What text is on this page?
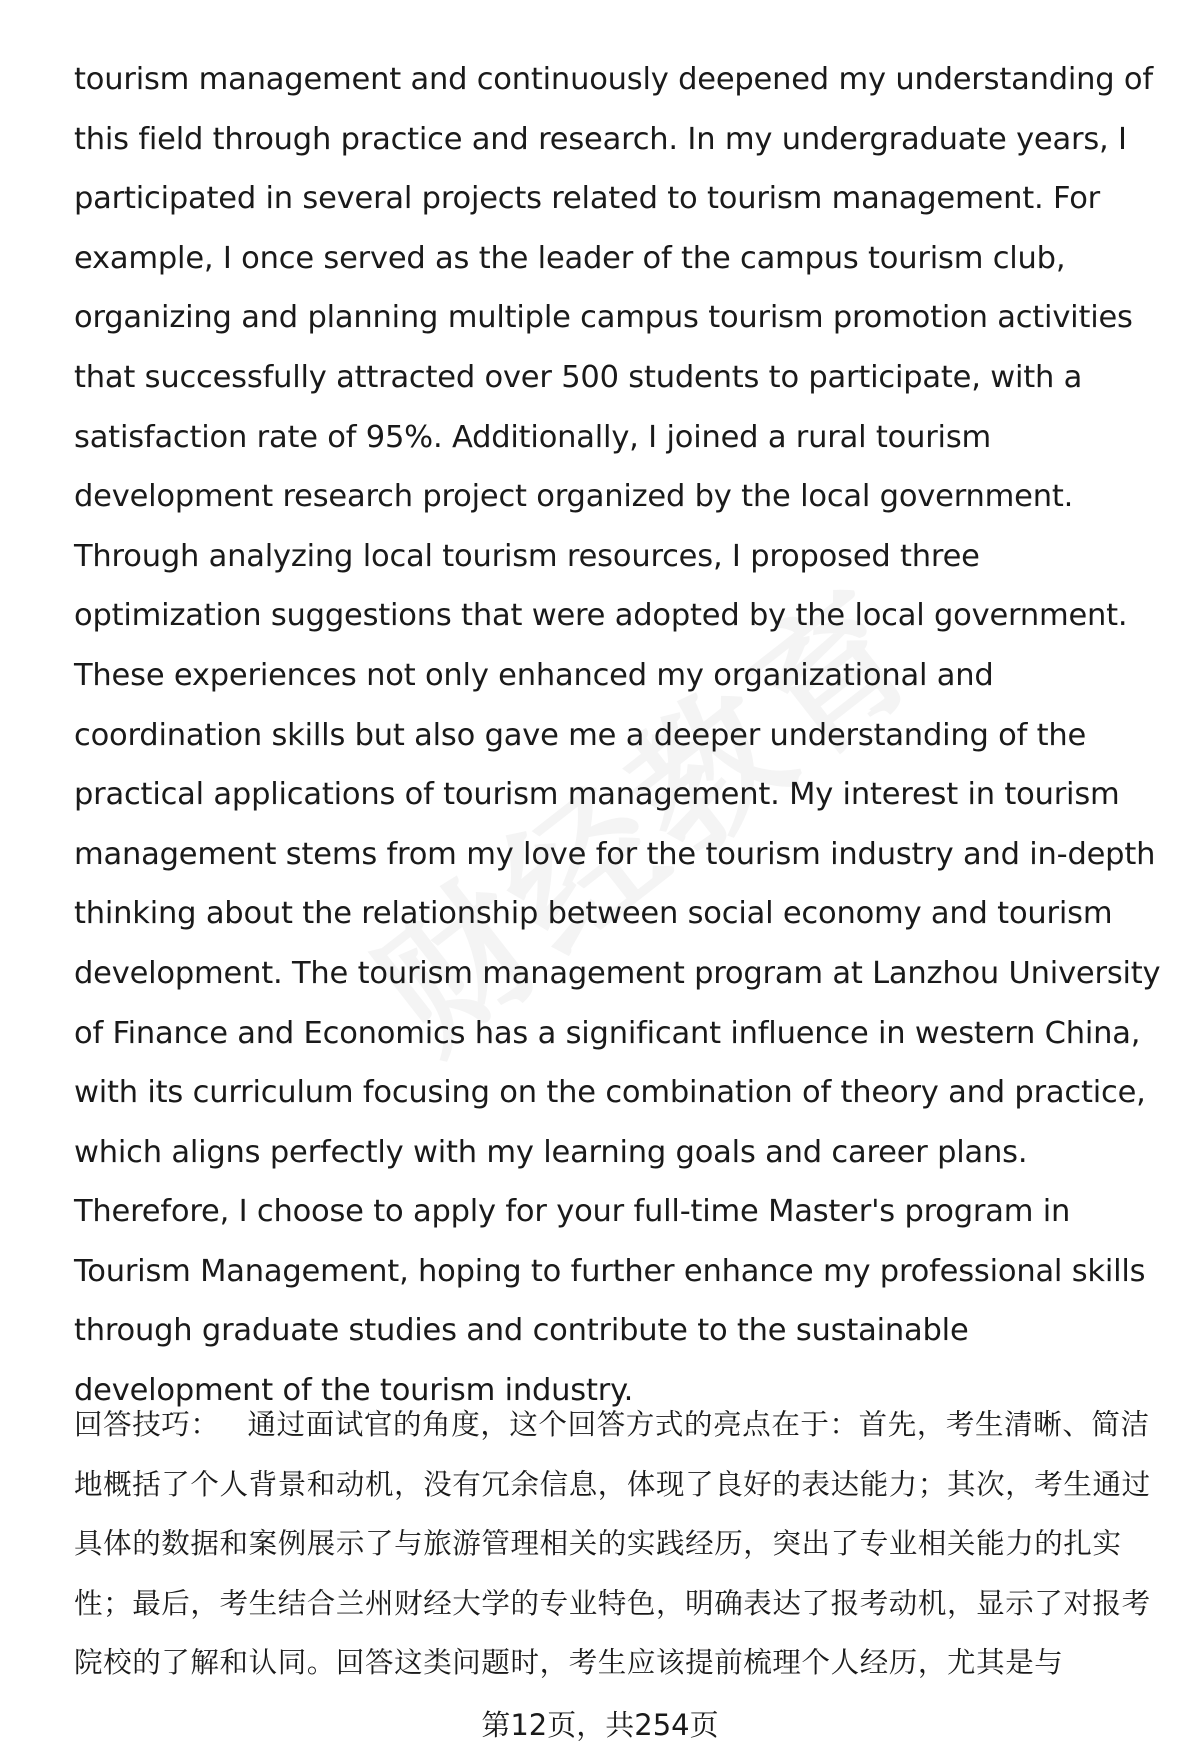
tourism management and continuously deepened my understanding of this field through practice and research. In my undergraduate years, I participated in several projects related to tourism management. For example, I once served as the leader of the campus tourism club, organizing and planning multiple campus tourism promotion activities that successfully attracted over 500 students to participate, with a satisfaction rate of 95%. Additionally, I joined a rural tourism development research project organized by the local government. Through analyzing local tourism resources, I proposed three optimization suggestions that were adopted by the local government. These experiences not only enhanced my organizational and coordination skills but also gave me a deeper understanding of the practical applications of tourism management. My interest in tourism management stems from my love for the tourism industry and in-depth thinking about the relationship between social economy and tourism development. The tourism management program at Lanzhou University of Finance and Economics has a significant influence in western China, with its curriculum focusing on the combination of theory and practice, which aligns perfectly with my learning goals and career plans. Therefore, I choose to apply for your full-time Master's program in Tourism Management, hoping to further enhance my professional skills through graduate studies and contribute to the sustainable development of the tourism industry.

回答技巧： 通过面试官的角度，这个回答方式的亮点在于：首先，考生清晰、简洁地概括了个人背景和动机，没有冗余信息，体现了良好的表达能力；其次，考生通过具体的数据和案例展示了与旅游管理相关的实践经历，突出了专业相关能力的扎实性；最后，考生结合兰州财经大学的专业特色，明确表达了报考动机，显示了对报考院校的了解和认同。回答这类问题时，考生应该提前梳理个人经历，尤其是与

第12页，共254页
